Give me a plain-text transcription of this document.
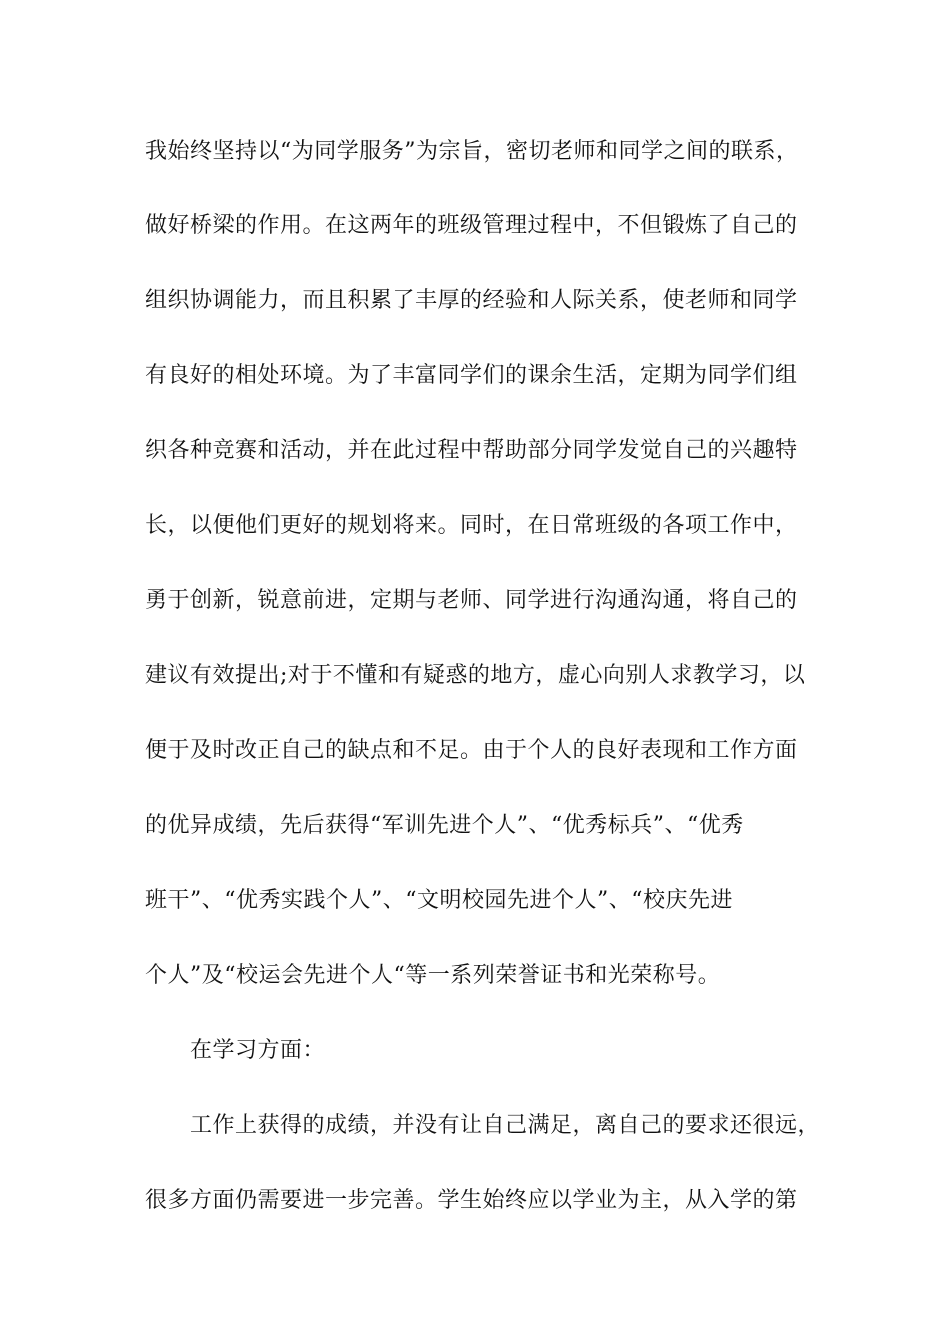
我始终坚持以“为同学服务”为宗旨，密切老师和同学之间的联系，

做好桥梁的作用。在这两年的班级管理过程中，不但锻炼了自己的

组织协调能力，而且积累了丰厚的经验和人际关系，使老师和同学

有良好的相处环境。为了丰富同学们的课余生活，定期为同学们组

织各种竞赛和活动，并在此过程中帮助部分同学发觉自己的兴趣特

长，以便他们更好的规划将来。同时，在日常班级的各项工作中，

勇于创新，锐意前进，定期与老师、同学进行沟通沟通，将自己的

建议有效提出;对于不懂和有疑惑的地方，虚心向别人求教学习，以

便于及时改正自己的缺点和不足。由于个人的良好表现和工作方面

的优异成绩，先后获得“军训先进个人”、“优秀标兵”、“优秀

班干”、“优秀实践个人”、“文明校园先进个人”、“校庆先进

个人”及“校运会先进个人“等一系列荣誉证书和光荣称号。

在学习方面：

工作上获得的成绩，并没有让自己满足，离自己的要求还很远，

很多方面仍需要进一步完善。学生始终应以学业为主，从入学的第
